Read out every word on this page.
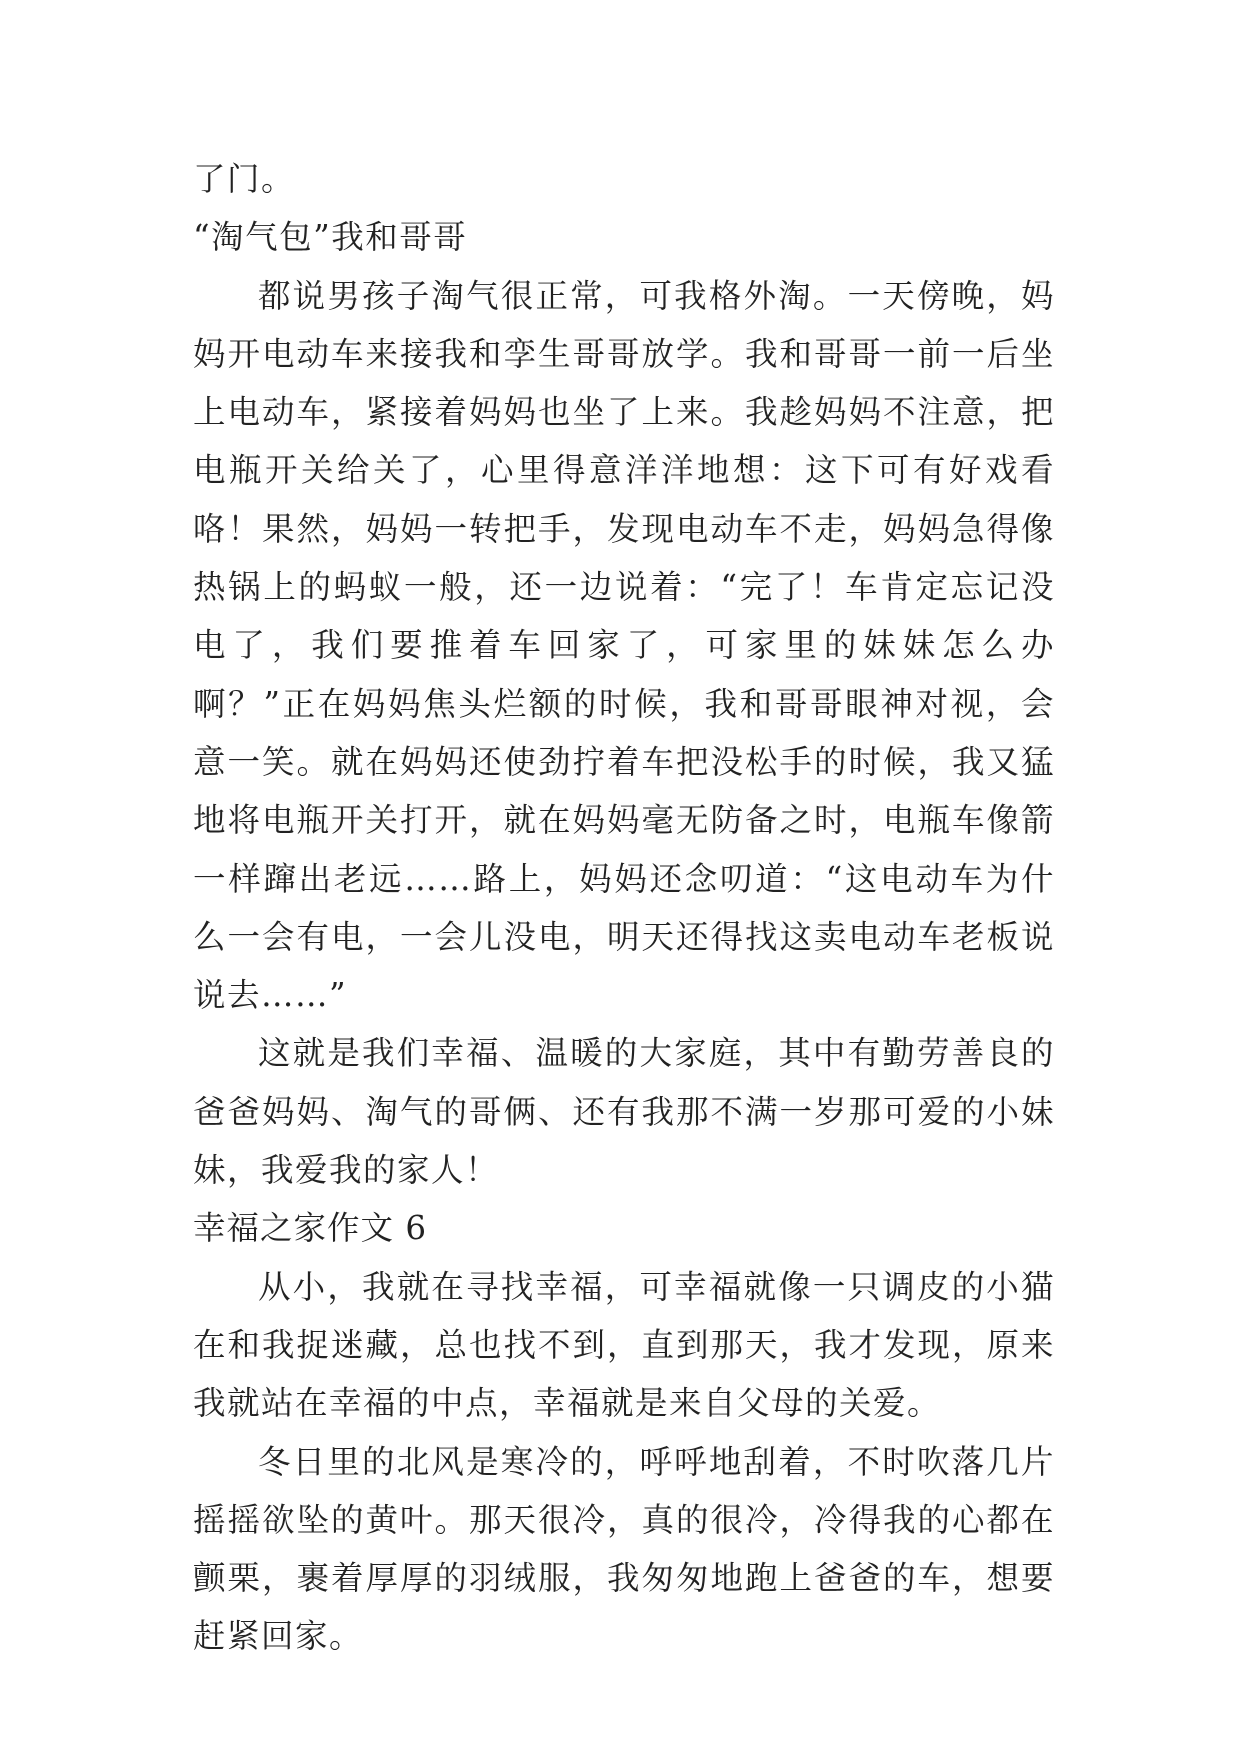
了门。

“淘气包”我和哥哥

都说男孩子淘气很正常，可我格外淘。一天傍晚，妈妈开电动车来接我和孪生哥哥放学。我和哥哥一前一后坐上电动车，紧接着妈妈也坐了上来。我趁妈妈不注意，把电瓶开关给关了，心里得意洋洋地想：这下可有好戏看咯！果然，妈妈一转把手，发现电动车不走，妈妈急得像热锅上的蚂蚁一般，还一边说着：“完了！车肯定忘记没电了，我们要推着车回家了，可家里的妹妹怎么办啊？”正在妈妈焦头烂额的时候，我和哥哥眼神对视，会意一笑。就在妈妈还使劲拧着车把没松手的时候，我又猛地将电瓶开关打开，就在妈妈毫无防备之时，电瓶车像箭一样蹿出老远……路上，妈妈还念叨道：“这电动车为什么一会有电，一会儿没电，明天还得找这卖电动车老板说说去……”

这就是我们幸福、温暖的大家庭，其中有勤劳善良的爸爸妈妈、淘气的哥俩、还有我那不满一岁那可爱的小妹妹，我爱我的家人！

幸福之家作文 6

从小，我就在寻找幸福，可幸福就像一只调皮的小猫在和我捉迷藏，总也找不到，直到那天，我才发现，原来我就站在幸福的中点，幸福就是来自父母的关爱。

冬日里的北风是寒冷的，呼呼地刮着，不时吹落几片摇摇欲坠的黄叶。那天很冷，真的很冷，冷得我的心都在颤栗，裹着厚厚的羽绒服，我匆匆地跑上爸爸的车，想要赶紧回家。
